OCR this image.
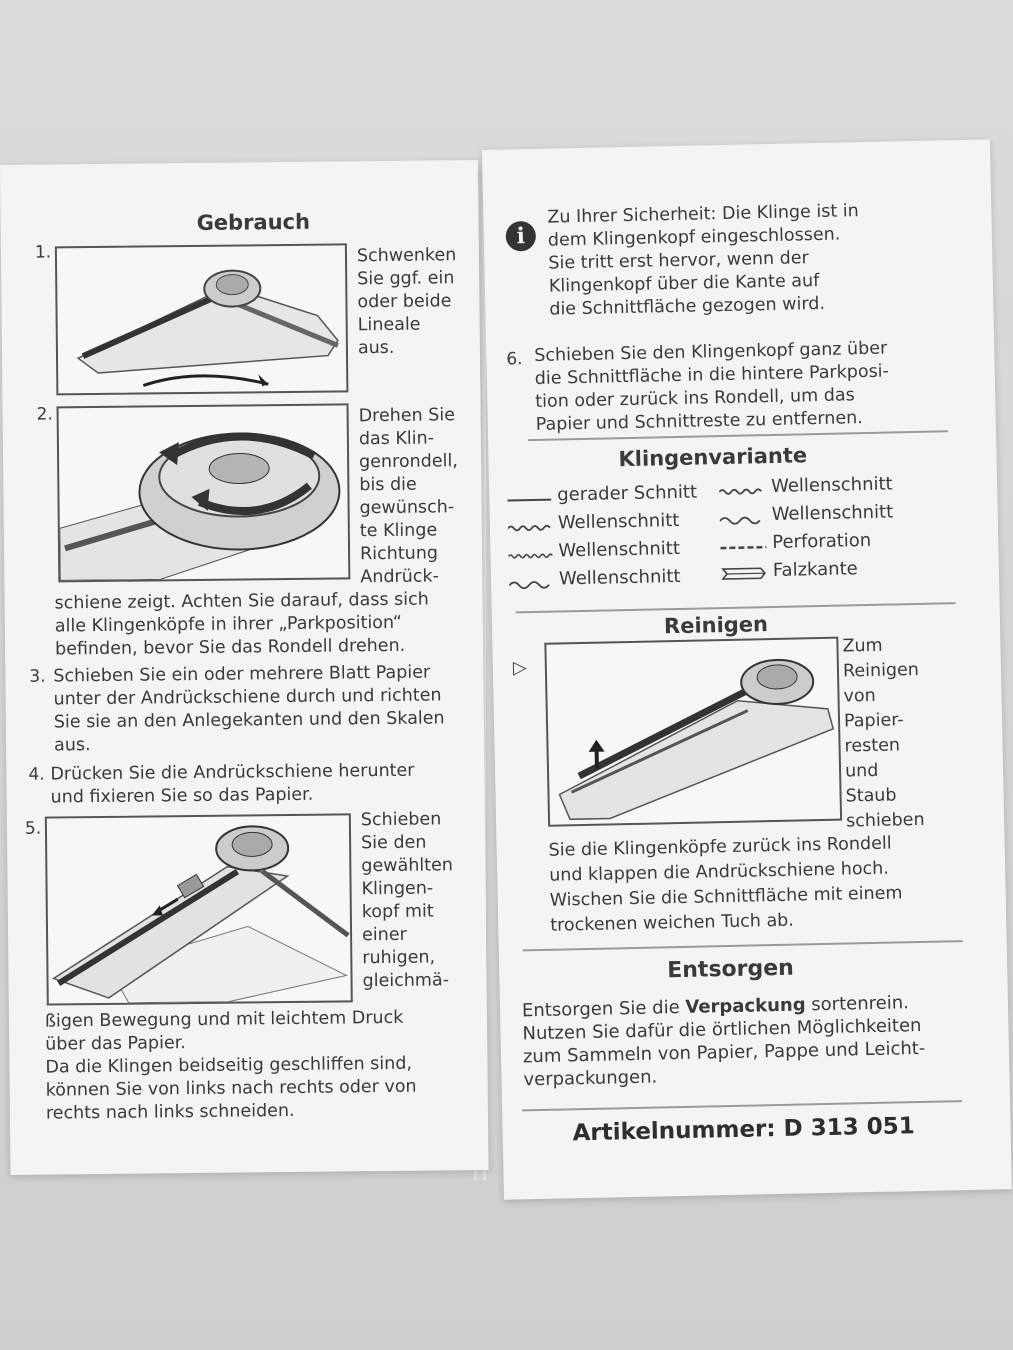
Gebrauch
1.	Schwenken
Sie ggf. ein
oder beide
Lineale
aus.
2.	Drehen Sie
das Klin-
genrondell,
bis die
gewünsch-
te Klinge
Richtung
Andrück-
schiene zeigt. Achten Sie darauf, dass sich
alle Klingenköpfe in ihrer „Parkposition“
befinden, bevor Sie das Rondell drehen.
3. Schieben Sie ein oder mehrere Blatt Papier
unter der Andrückschiene durch und richten
Sie sie an den Anlegekanten und den Skalen
aus.
4. Drücken Sie die Andrückschiene herunter
und fixieren Sie so das Papier.
5.	Schieben
Sie den
gewählten
Klingen-
kopf mit
einer
ruhigen,
gleichmä-
ßigen Bewegung und mit leichtem Druck
über das Papier.
Da die Klingen beidseitig geschliffen sind,
können Sie von links nach rechts oder von
rechts nach links schneiden.
i
Zu Ihrer Sicherheit: Die Klinge ist in
dem Klingenkopf eingeschlossen.
Sie tritt erst hervor, wenn der
Klingenkopf über die Kante auf
die Schnittfläche gezogen wird.
6. Schieben Sie den Klingenkopf ganz über
die Schnittfläche in die hintere Parkposi-
tion oder zurück ins Rondell, um das
Papier und Schnittreste zu entfernen.
Klingenvariante
gerader Schnitt
Wellenschnitt
Wellenschnitt
Wellenschnitt
Wellenschnitt
Wellenschnitt
Perforation
Falzkante
Reinigen
▷
Zum
Reinigen
von
Papier-
resten
und
Staub
schieben
Sie die Klingenköpfe zurück ins Rondell
und klappen die Andrückschiene hoch.
Wischen Sie die Schnittfläche mit einem
trockenen weichen Tuch ab.
Entsorgen
Entsorgen Sie die Verpackung sortenrein.
Nutzen Sie dafür die örtlichen Möglichkeiten
zum Sammeln von Papier, Pappe und Leicht-
verpackungen.
Artikelnummer: D 313 051
